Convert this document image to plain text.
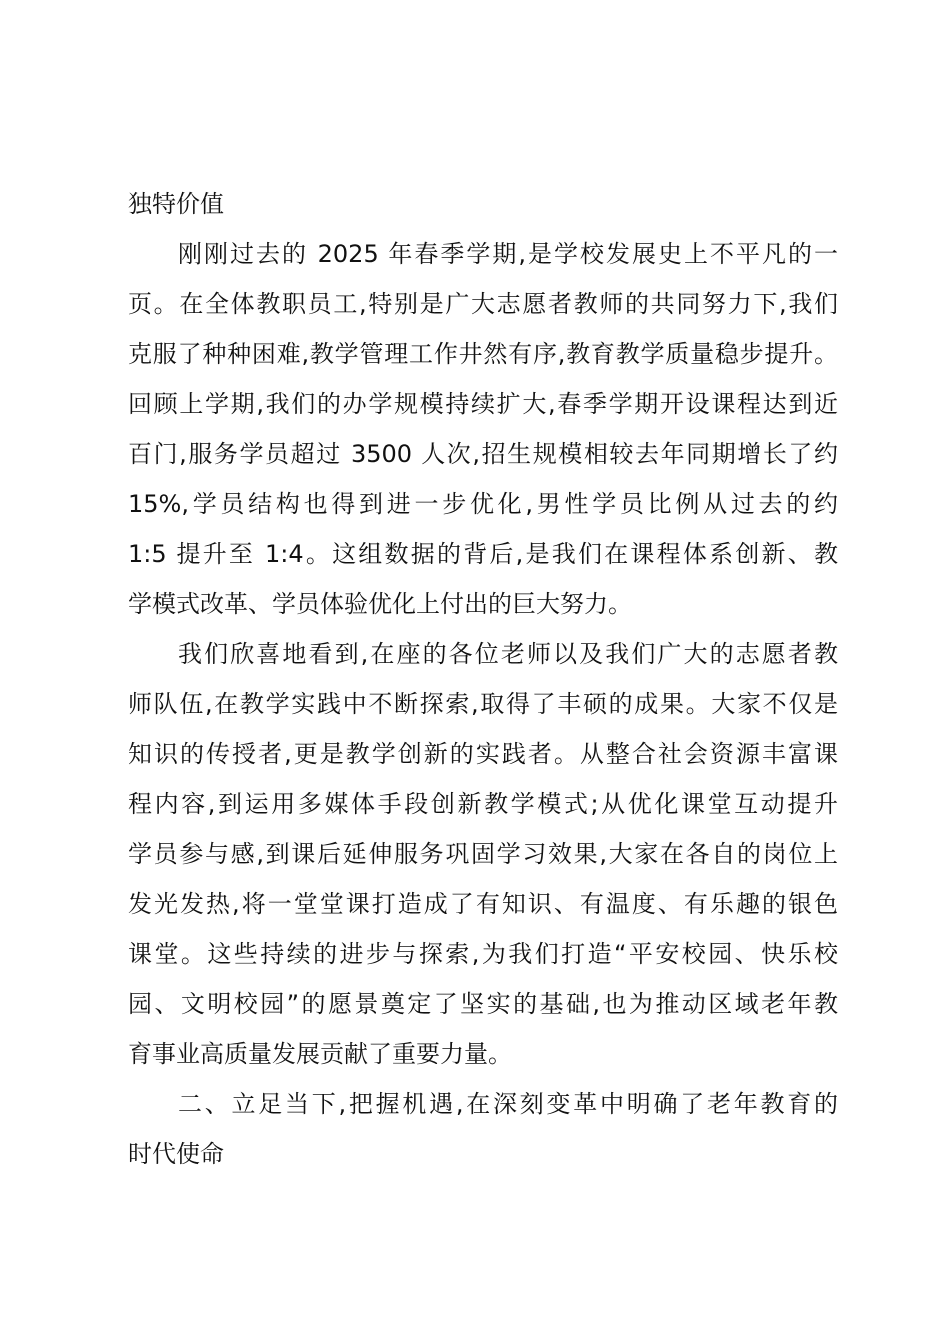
独特价值
刚刚过去的 2025 年春季学期,是学校发展史上不平凡的一
页。在全体教职员工,特别是广大志愿者教师的共同努力下,我们
克服了种种困难,教学管理工作井然有序,教育教学质量稳步提升。
回顾上学期,我们的办学规模持续扩大,春季学期开设课程达到近
百门,服务学员超过 3500 人次,招生规模相较去年同期增长了约
15%,学员结构也得到进一步优化,男性学员比例从过去的约
1:5 提升至 1:4。这组数据的背后,是我们在课程体系创新、教
学模式改革、学员体验优化上付出的巨大努力。
我们欣喜地看到,在座的各位老师以及我们广大的志愿者教
师队伍,在教学实践中不断探索,取得了丰硕的成果。大家不仅是
知识的传授者,更是教学创新的实践者。从整合社会资源丰富课
程内容,到运用多媒体手段创新教学模式;从优化课堂互动提升
学员参与感,到课后延伸服务巩固学习效果,大家在各自的岗位上
发光发热,将一堂堂课打造成了有知识、有温度、有乐趣的银色
课堂。这些持续的进步与探索,为我们打造“平安校园、快乐校
园、文明校园”的愿景奠定了坚实的基础,也为推动区域老年教
育事业高质量发展贡献了重要力量。
二、立足当下,把握机遇,在深刻变革中明确了老年教育的
时代使命
